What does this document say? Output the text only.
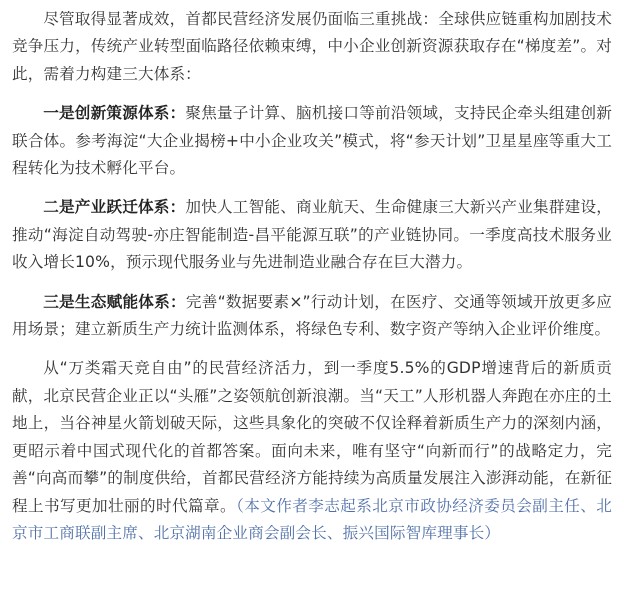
尽管取得显著成效，首都民营经济发展仍面临三重挑战：全球供应链重构加剧技术竞争压力，传统产业转型面临路径依赖束缚，中小企业创新资源获取存在“梯度差”。对此，需着力构建三大体系：

一是创新策源体系：聚焦量子计算、脑机接口等前沿领域，支持民企牵头组建创新联合体。参考海淀“大企业揭榜+中小企业攻关”模式，将“参天计划”卫星星座等重大工程转化为技术孵化平台。

二是产业跃迁体系：加快人工智能、商业航天、生命健康三大新兴产业集群建设，推动“海淀自动驾驶-亦庄智能制造-昌平能源互联”的产业链协同。一季度高技术服务业收入增长10%，预示现代服务业与先进制造业融合存在巨大潜力。

三是生态赋能体系：完善“数据要素×”行动计划，在医疗、交通等领域开放更多应用场景；建立新质生产力统计监测体系，将绿色专利、数字资产等纳入企业评价维度。

从“万类霜天竞自由”的民营经济活力，到一季度5.5%的GDP增速背后的新质贡献，北京民营企业正以“头雁”之姿领航创新浪潮。当“天工”人形机器人奔跑在亦庄的土地上，当谷神星火箭划破天际，这些具象化的突破不仅诠释着新质生产力的深刻内涵，更昭示着中国式现代化的首都答案。面向未来，唯有坚守“向新而行”的战略定力，完善“向高而攀”的制度供给，首都民营经济方能持续为高质量发展注入澎湃动能，在新征程上书写更加壮丽的时代篇章。（本文作者李志起系北京市政协经济委员会副主任、北京市工商联副主席、北京湖南企业商会副会长、振兴国际智库理事长）
